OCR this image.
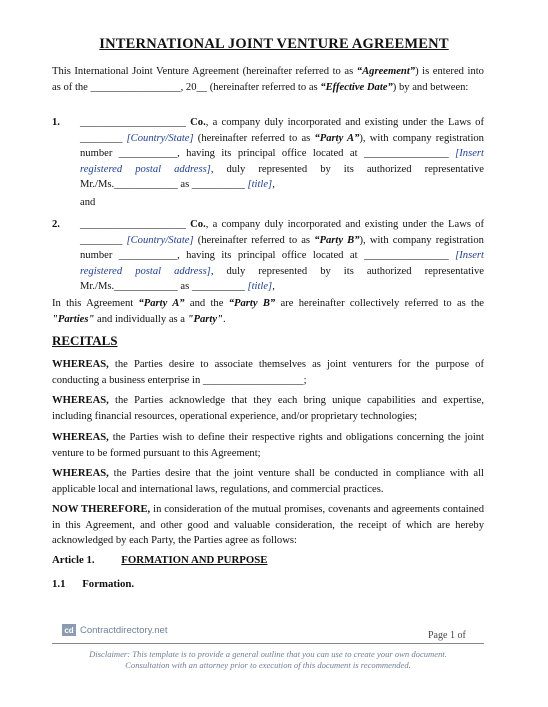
INTERNATIONAL JOINT VENTURE AGREEMENT
This International Joint Venture Agreement (hereinafter referred to as “Agreement”) is entered into as of the _________________, 20__ (hereinafter referred to as “Effective Date”) by and between:
1. ____________________ Co., a company duly incorporated and existing under the Laws of ________ [Country/State] (hereinafter referred to as “Party A”), with company registration number ___________, having its principal office located at ________________ [Insert registered postal address], duly represented by its authorized representative Mr./Ms.____________ as __________ [title],
and
2. ____________________ Co., a company duly incorporated and existing under the Laws of ________ [Country/State] (hereinafter referred to as “Party B”), with company registration number ___________, having its principal office located at ________________ [Insert registered postal address], duly represented by its authorized representative Mr./Ms.____________ as __________ [title],
In this Agreement “Party A” and the “Party B” are hereinafter collectively referred to as the "Parties" and individually as a "Party".
RECITALS
WHEREAS, the Parties desire to associate themselves as joint venturers for the purpose of conducting a business enterprise in ___________________;
WHEREAS, the Parties acknowledge that they each bring unique capabilities and expertise, including financial resources, operational experience, and/or proprietary technologies;
WHEREAS, the Parties wish to define their respective rights and obligations concerning the joint venture to be formed pursuant to this Agreement;
WHEREAS, the Parties desire that the joint venture shall be conducted in compliance with all applicable local and international laws, regulations, and commercial practices.
NOW THEREFORE, in consideration of the mutual promises, covenants and agreements contained in this Agreement, and other good and valuable consideration, the receipt of which are hereby acknowledged by each Party, the Parties agree as follows:
Article 1. FORMATION AND PURPOSE
1.1 Formation.
cd Contractdirectory.net	Page 1 of
Disclaimer: This template is to provide a general outline that you can use to create your own document.
Consultation with an attorney prior to execution of this document is recommended.
